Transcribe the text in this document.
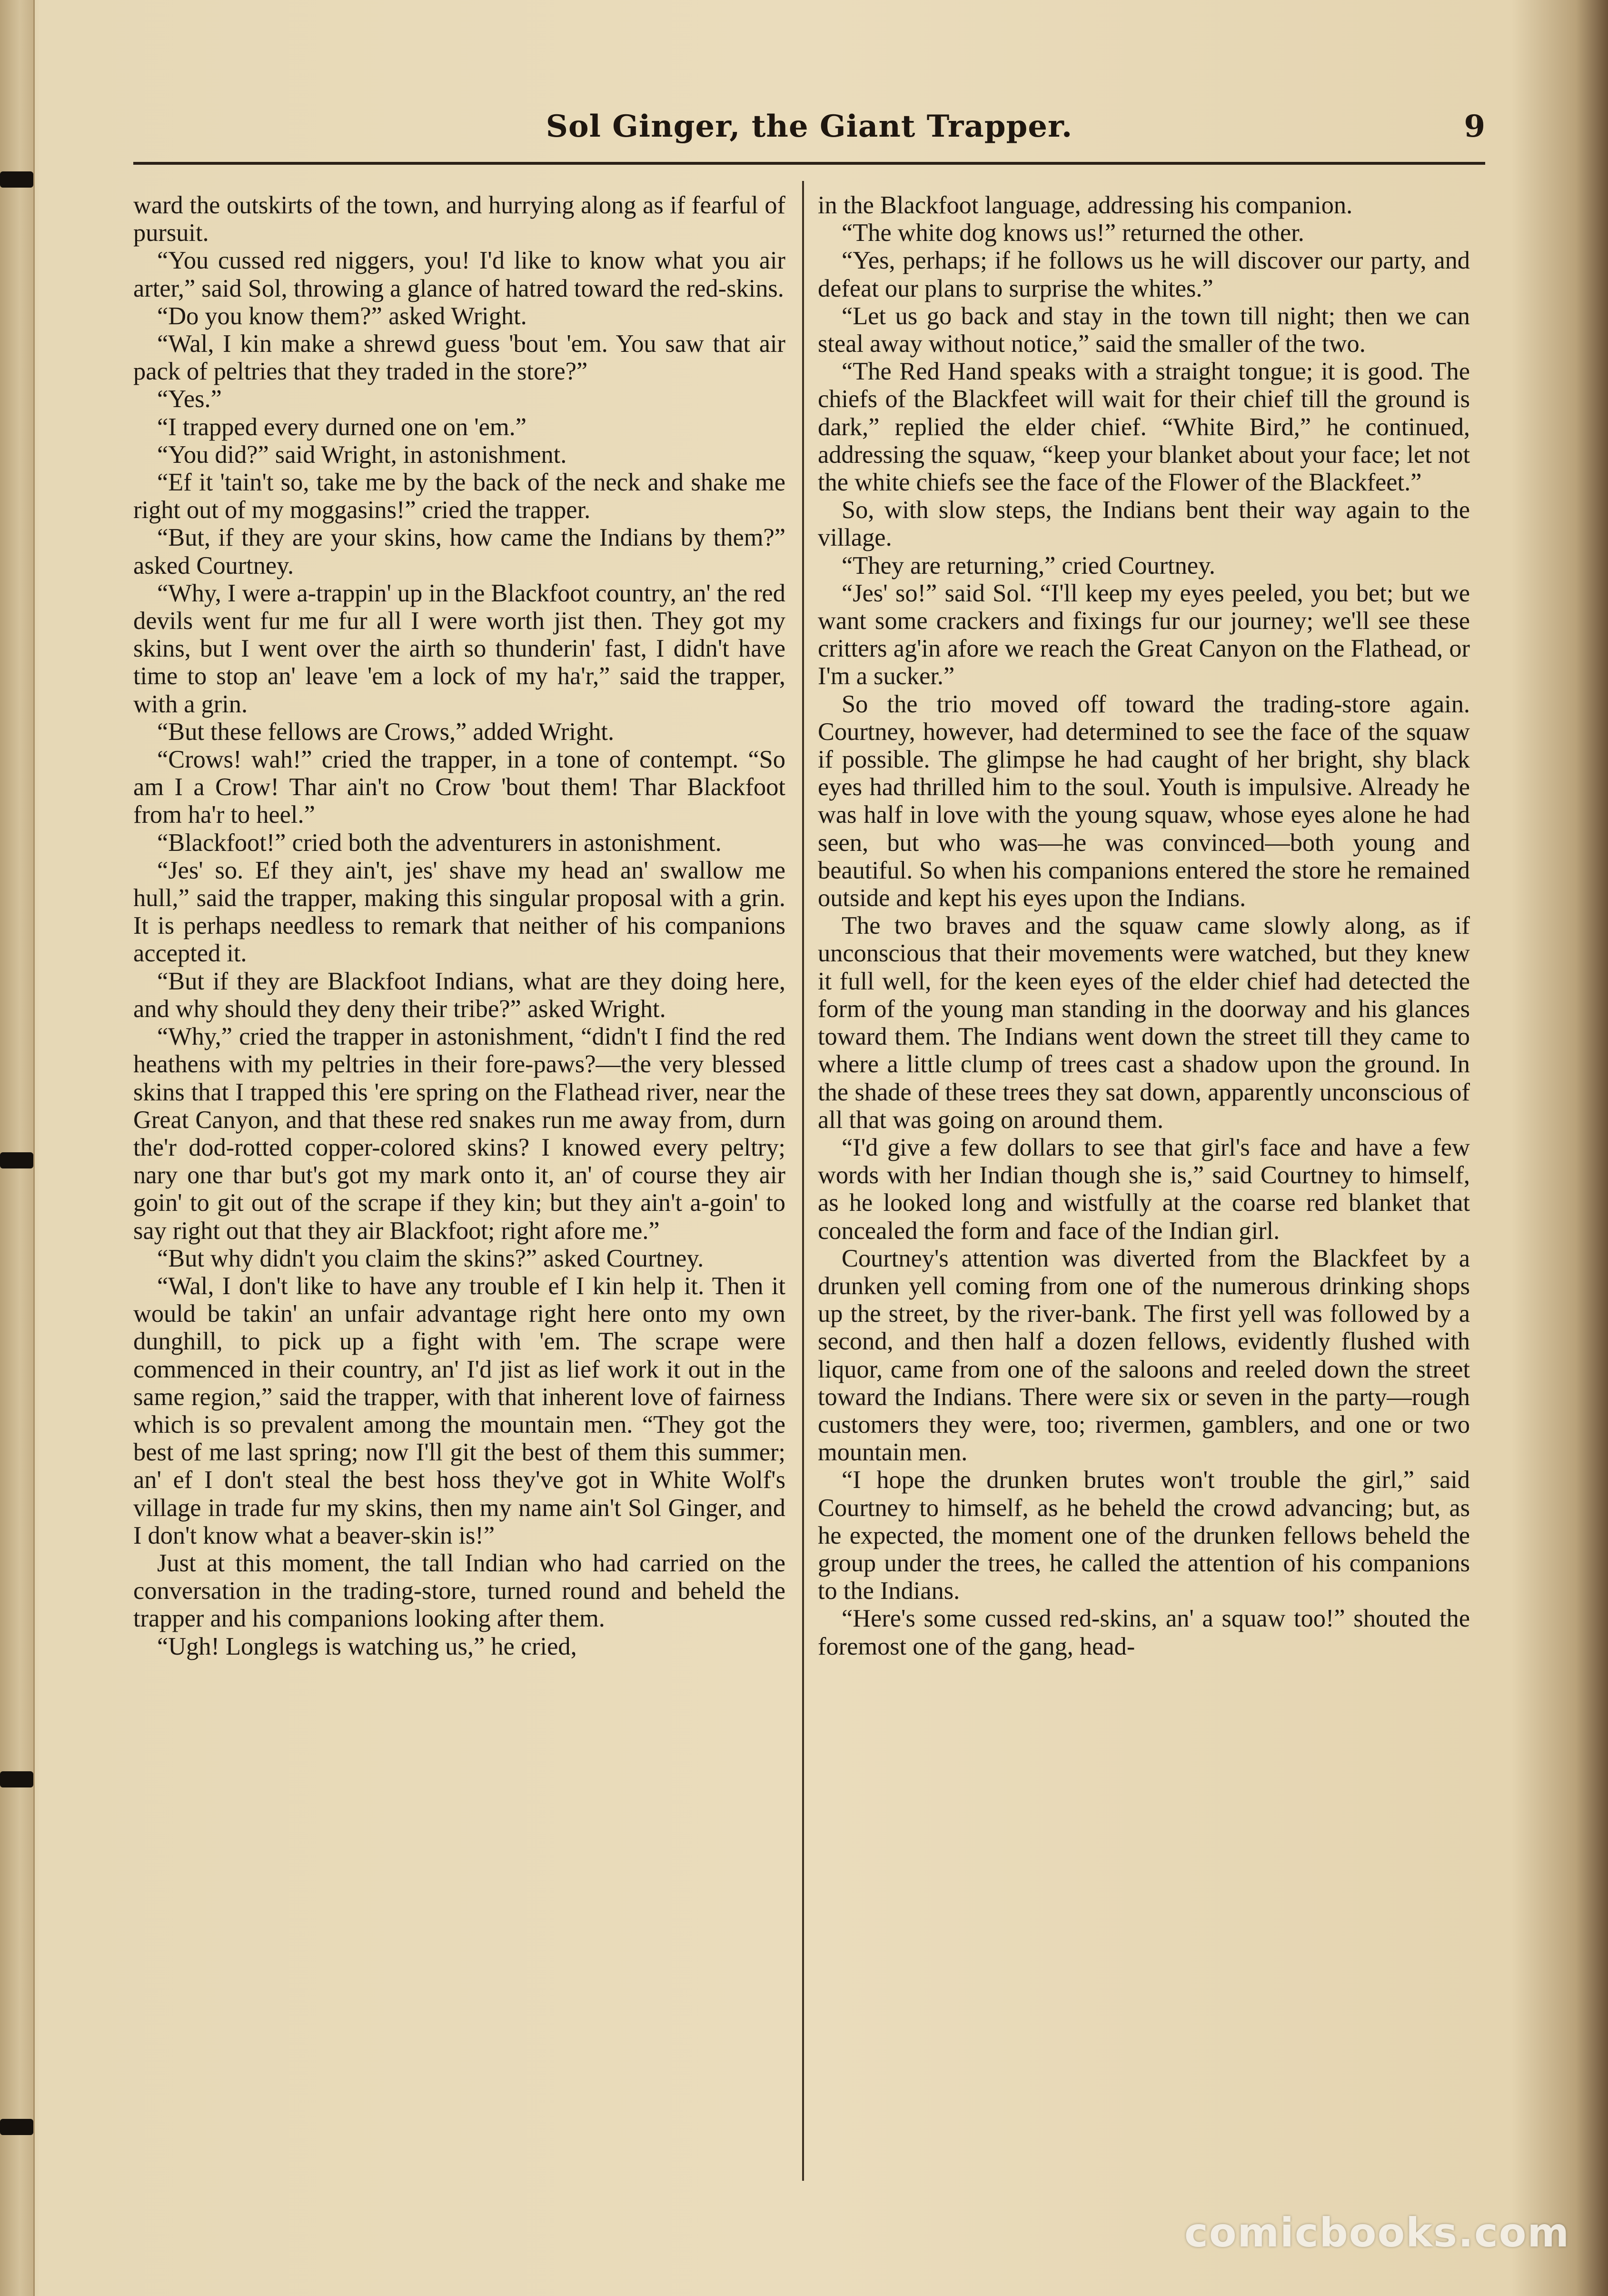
Sol Ginger, the Giant Trapper.	9

ward the outskirts of the town, and hurrying along as if fearful of pursuit.

“You cussed red niggers, you! I'd like to know what you air arter,” said Sol, throwing a glance of hatred toward the red-skins.

“Do you know them?” asked Wright.

“Wal, I kin make a shrewd guess 'bout 'em. You saw that air pack of peltries that they traded in the store?”

“Yes.”

“I trapped every durned one on 'em.”

“You did?” said Wright, in astonishment.

“Ef it 'tain't so, take me by the back of the neck and shake me right out of my moggasins!” cried the trapper.

“But, if they are your skins, how came the Indians by them?” asked Courtney.

“Why, I were a-trappin' up in the Blackfoot country, an' the red devils went fur me fur all I were worth jist then. They got my skins, but I went over the airth so thunderin' fast, I didn't have time to stop an' leave 'em a lock of my ha'r,” said the trapper, with a grin.

“But these fellows are Crows,” added Wright.

“Crows! wah!” cried the trapper, in a tone of contempt. “So am I a Crow! Thar ain't no Crow 'bout them! Thar Blackfoot from ha'r to heel.”

“Blackfoot!” cried both the adventurers in astonishment.

“Jes' so. Ef they ain't, jes' shave my head an' swallow me hull,” said the trapper, making this singular proposal with a grin. It is perhaps needless to remark that neither of his companions accepted it.

“But if they are Blackfoot Indians, what are they doing here, and why should they deny their tribe?” asked Wright.

“Why,” cried the trapper in astonishment, “didn't I find the red heathens with my peltries in their fore-paws?—the very blessed skins that I trapped this 'ere spring on the Flathead river, near the Great Canyon, and that these red snakes run me away from, durn the'r dod-rotted copper-colored skins? I knowed every peltry; nary one thar but's got my mark onto it, an' of course they air goin' to git out of the scrape if they kin; but they ain't a-goin' to say right out that they air Blackfoot; right afore me.”

“But why didn't you claim the skins?” asked Courtney.

“Wal, I don't like to have any trouble ef I kin help it. Then it would be takin' an unfair advantage right here onto my own dunghill, to pick up a fight with 'em. The scrape were commenced in their country, an' I'd jist as lief work it out in the same region,” said the trapper, with that inherent love of fairness which is so prevalent among the mountain men. “They got the best of me last spring; now I'll git the best of them this summer; an' ef I don't steal the best hoss they've got in White Wolf's village in trade fur my skins, then my name ain't Sol Ginger, and I don't know what a beaver-skin is!”

Just at this moment, the tall Indian who had carried on the conversation in the trading-store, turned round and beheld the trapper and his companions looking after them.

“Ugh! Longlegs is watching us,” he cried,

in the Blackfoot language, addressing his companion.

“The white dog knows us!” returned the other.

“Yes, perhaps; if he follows us he will discover our party, and defeat our plans to surprise the whites.”

“Let us go back and stay in the town till night; then we can steal away without notice,” said the smaller of the two.

“The Red Hand speaks with a straight tongue; it is good. The chiefs of the Blackfeet will wait for their chief till the ground is dark,” replied the elder chief. “White Bird,” he continued, addressing the squaw, “keep your blanket about your face; let not the white chiefs see the face of the Flower of the Blackfeet.”

So, with slow steps, the Indians bent their way again to the village.

“They are returning,” cried Courtney.

“Jes' so!” said Sol. “I'll keep my eyes peeled, you bet; but we want some crackers and fixings fur our journey; we'll see these critters ag'in afore we reach the Great Canyon on the Flathead, or I'm a sucker.”

So the trio moved off toward the trading-store again. Courtney, however, had determined to see the face of the squaw if possible. The glimpse he had caught of her bright, shy black eyes had thrilled him to the soul. Youth is impulsive. Already he was half in love with the young squaw, whose eyes alone he had seen, but who was—he was convinced—both young and beautiful. So when his companions entered the store he remained outside and kept his eyes upon the Indians.

The two braves and the squaw came slowly along, as if unconscious that their movements were watched, but they knew it full well, for the keen eyes of the elder chief had detected the form of the young man standing in the doorway and his glances toward them. The Indians went down the street till they came to where a little clump of trees cast a shadow upon the ground. In the shade of these trees they sat down, apparently unconscious of all that was going on around them.

“I'd give a few dollars to see that girl's face and have a few words with her Indian though she is,” said Courtney to himself, as he looked long and wistfully at the coarse red blanket that concealed the form and face of the Indian girl.

Courtney's attention was diverted from the Blackfeet by a drunken yell coming from one of the numerous drinking shops up the street, by the river-bank. The first yell was followed by a second, and then half a dozen fellows, evidently flushed with liquor, came from one of the saloons and reeled down the street toward the Indians. There were six or seven in the party—rough customers they were, too; rivermen, gamblers, and one or two mountain men.

“I hope the drunken brutes won't trouble the girl,” said Courtney to himself, as he beheld the crowd advancing; but, as he expected, the moment one of the drunken fellows beheld the group under the trees, he called the attention of his companions to the Indians.

“Here's some cussed red-skins, an' a squaw too!” shouted the foremost one of the gang, head-

comicbooks.com
